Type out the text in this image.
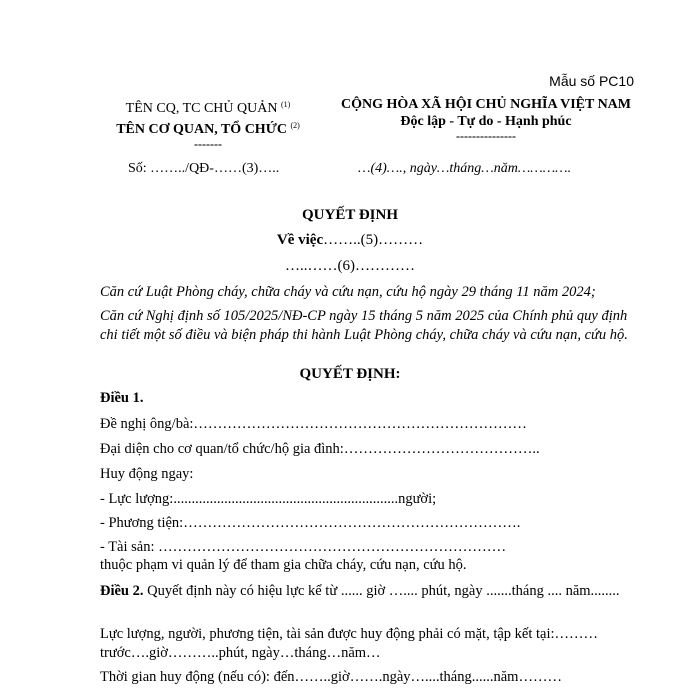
Mẫu số PC10
TÊN CQ, TC CHỦ QUẢN $^{(1)}$
TÊN CƠ QUAN, TỔ CHỨC $^{(2)}$
-------
CỘNG HÒA XÃ HỘI CHỦ NGHĨA VIỆT NAM
Độc lập - Tự do - Hạnh phúc
---------------
Số: ……../QĐ-……(3)…..	…(4)…., ngày…tháng…năm………….
QUYẾT ĐỊNH
Về việc……..(5)………
…..……(6)…………
Căn cứ Luật Phòng cháy, chữa cháy và cứu nạn, cứu hộ ngày 29 tháng 11 năm 2024;
Căn cứ Nghị định số 105/2025/NĐ-CP ngày 15 tháng 5 năm 2025 của Chính phủ quy định chi tiết một số điều và biện pháp thi hành Luật Phòng cháy, chữa cháy và cứu nạn, cứu hộ.
QUYẾT ĐỊNH:
Điều 1.
Đề nghị ông/bà:……………………………………………………………
Đại diện cho cơ quan/tổ chức/hộ gia đình:…………………………………..
Huy động ngay:
- Lực lượng:..............................................................người;
- Phương tiện:…………………………………………………………….
- Tài sản: ………………………………………………………………
thuộc phạm vi quản lý để tham gia chữa cháy, cứu nạn, cứu hộ.
Điều 2. Quyết định này có hiệu lực kể từ ...... giờ ….... phút, ngày .......tháng .... năm........
Lực lượng, người, phương tiện, tài sản được huy động phải có mặt, tập kết tại:……… trước….giờ………..phút, ngày…tháng…năm…
Thời gian huy động (nếu có): đến……..giờ…….ngày…....tháng......năm………
